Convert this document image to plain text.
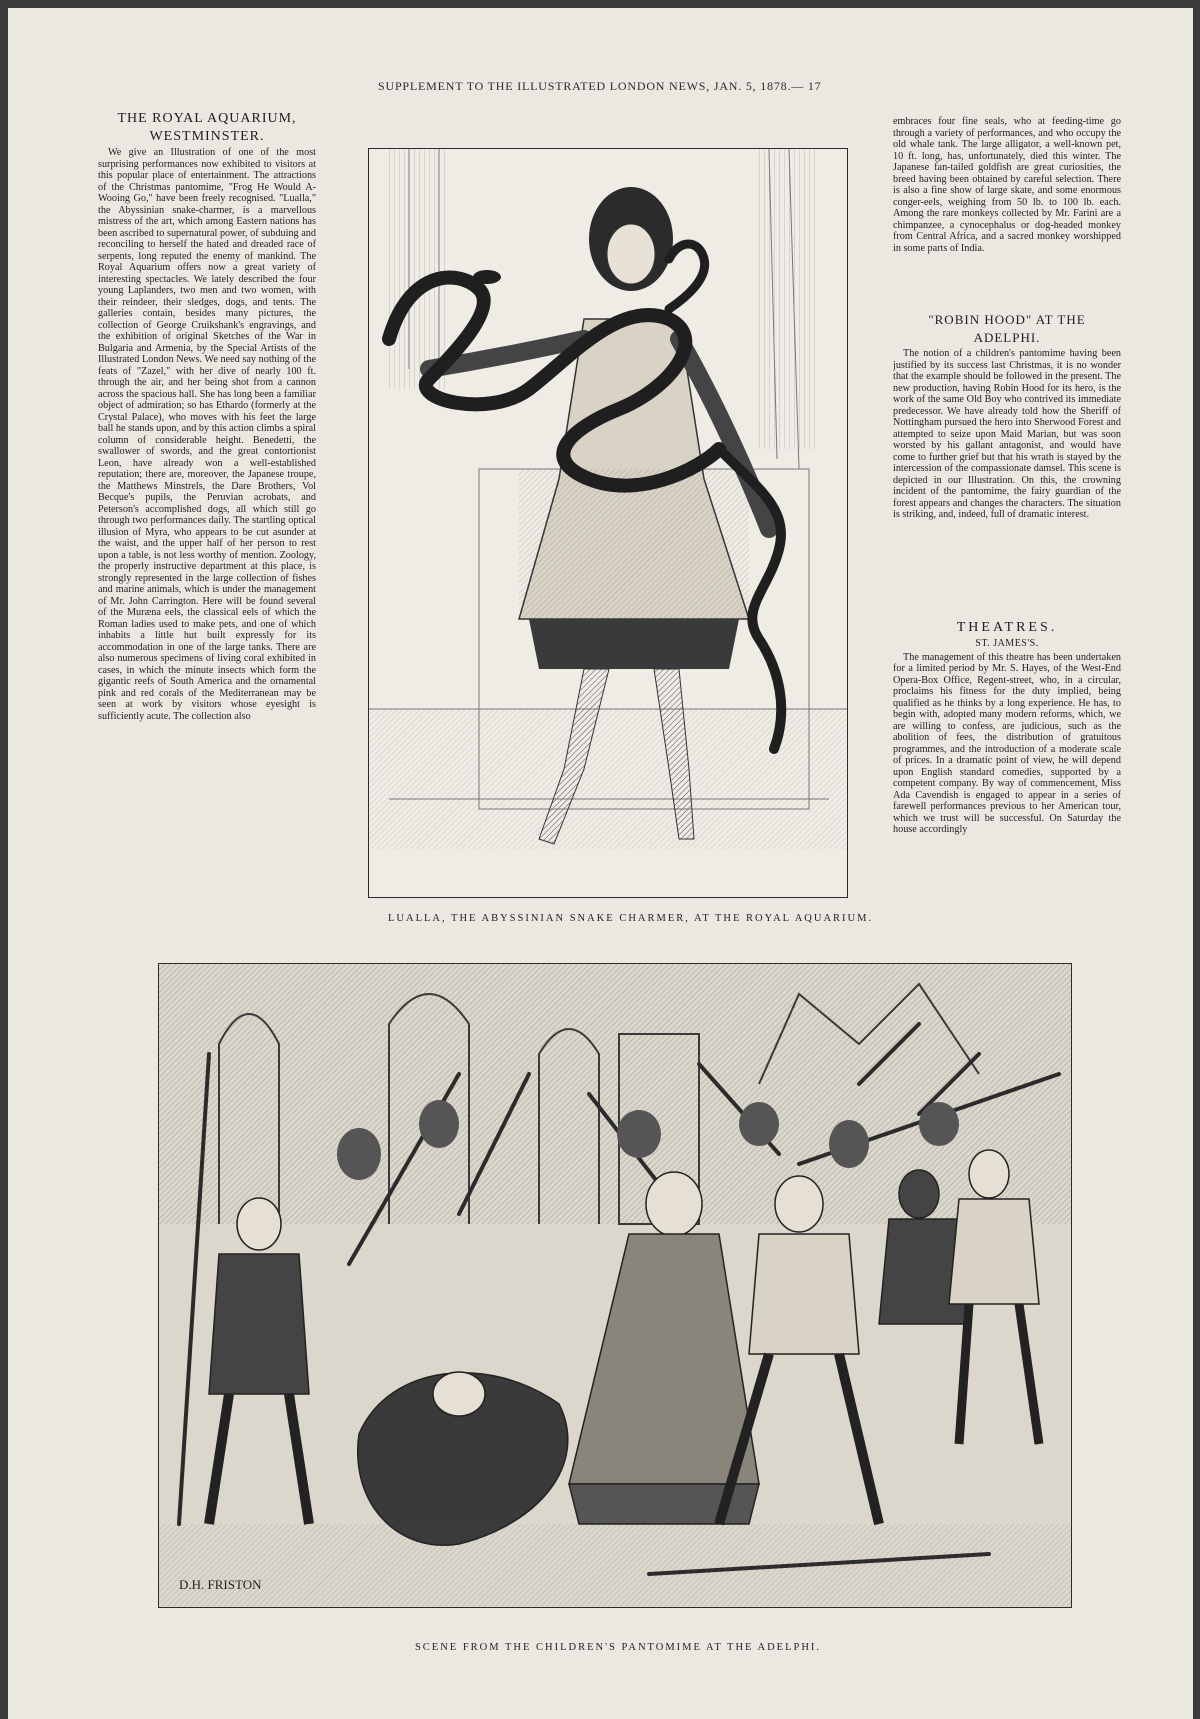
SUPPLEMENT TO THE ILLUSTRATED LONDON NEWS, JAN. 5, 1878.— 17

THE ROYAL AQUARIUM,

WESTMINSTER.

We give an Illustration of one of the most surprising performances now exhibited to visitors at this popular place of entertainment. The attractions of the Christmas pantomime, "Frog He Would A-Wooing Go," have been freely recognised. "Lualla," the Abyssinian snake-charmer, is a marvellous mistress of the art, which among Eastern nations has been ascribed to supernatural power, of subduing and reconciling to herself the hated and dreaded race of serpents, long reputed the enemy of mankind. The Royal Aquarium offers now a great variety of interesting spectacles. We lately described the four young Laplanders, two men and two women, with their reindeer, their sledges, dogs, and tents. The galleries contain, besides many pictures, the collection of George Cruikshank's engravings, and the exhibition of original Sketches of the War in Bulgaria and Armenia, by the Special Artists of the Illustrated London News. We need say nothing of the feats of "Zazel," with her dive of nearly 100 ft. through the air, and her being shot from a cannon across the spacious hall. She has long been a familiar object of admiration; so has Ethardo (formerly at the Crystal Palace), who moves with his feet the large ball he stands upon, and by this action climbs a spiral column of considerable height. Benedetti, the swallower of swords, and the great contortionist Leon, have already won a well-established reputation; there are, moreover, the Japanese troupe, the Matthews Minstrels, the Dare Brothers, Vol Becque's pupils, the Peruvian acrobats, and Peterson's accomplished dogs, all which still go through two performances daily. The startling optical illusion of Myra, who appears to be cut asunder at the waist, and the upper half of her person to rest upon a table, is not less worthy of mention. Zoology, the properly instructive department at this place, is strongly represented in the large collection of fishes and marine animals, which is under the management of Mr. John Carrington. Here will be found several of the Muræna eels, the classical eels of which the Roman ladies used to make pets, and one of which inhabits a little hut built expressly for its accommodation in one of the large tanks. There are also numerous specimens of living coral exhibited in cases, in which the minute insects which form the gigantic reefs of South America and the ornamental pink and red corals of the Mediterranean may be seen at work by visitors whose eyesight is sufficiently acute. The collection also

embraces four fine seals, who at feeding-time go through a variety of performances, and who occupy the old whale tank. The large alligator, a well-known pet, 10 ft. long, has, unfortunately, died this winter. The Japanese fan-tailed goldfish are great curiosities, the breed having been obtained by careful selection. There is also a fine show of large skate, and some enormous conger-eels, weighing from 50 lb. to 100 lb. each. Among the rare monkeys collected by Mr. Farini are a chimpanzee, a cynocephalus or dog-headed monkey from Central Africa, and a sacred monkey worshipped in some parts of India.

"ROBIN HOOD" AT THE

ADELPHI.

The notion of a children's pantomime having been justified by its success last Christmas, it is no wonder that the example should be followed in the present. The new production, having Robin Hood for its hero, is the work of the same Old Boy who contrived its immediate predecessor. We have already told how the Sheriff of Nottingham pursued the hero into Sherwood Forest and attempted to seize upon Maid Marian, but was soon worsted by his gallant antagonist, and would have come to further grief but that his wrath is stayed by the intercession of the compassionate damsel. This scene is depicted in our Illustration. On this, the crowning incident of the pantomime, the fairy guardian of the forest appears and changes the characters. The situation is striking, and, indeed, full of dramatic interest.

THEATRES.

ST. JAMES'S.

The management of this theatre has been undertaken for a limited period by Mr. S. Hayes, of the West-End Opera-Box Office, Regent-street, who, in a circular, proclaims his fitness for the duty implied, being qualified as he thinks by a long experience. He has, to begin with, adopted many modern reforms, which, we are willing to confess, are judicious, such as the abolition of fees, the distribution of gratuitous programmes, and the introduction of a moderate scale of prices. In a dramatic point of view, he will depend upon English standard comedies, supported by a competent company. By way of commencement, Miss Ada Cavendish is engaged to appear in a series of farewell performances previous to her American tour, which we trust will be successful. On Saturday the house accordingly

LUALLA, THE ABYSSINIAN SNAKE CHARMER, AT THE ROYAL AQUARIUM.
D.H. FRISTON
SCENE FROM THE CHILDREN'S PANTOMIME AT THE ADELPHI.
